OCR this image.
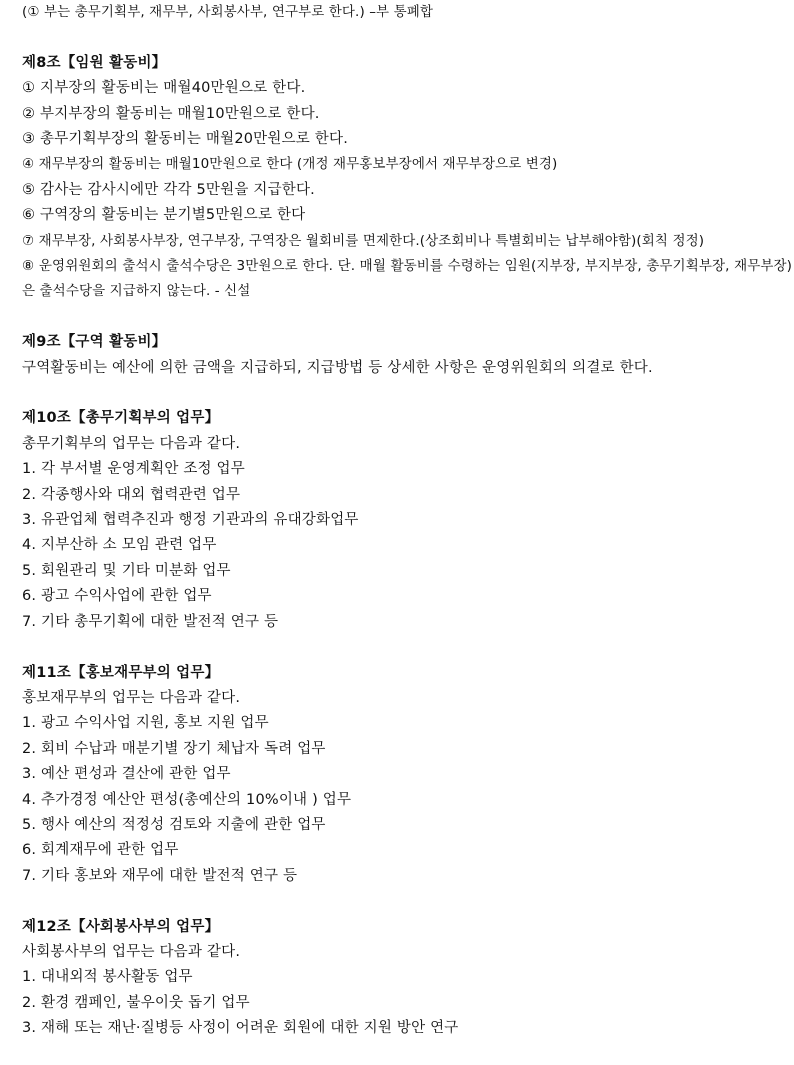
(① 부는 총무기획부, 재무부, 사회봉사부, 연구부로 한다.) –부 통폐합
제8조【임원 활동비】
① 지부장의 활동비는 매월40만원으로 한다.
② 부지부장의 활동비는 매월10만원으로 한다.
③ 총무기획부장의 활동비는 매월20만원으로 한다.
④ 재무부장의 활동비는 매월10만원으로 한다 (개정 재무홍보부장에서 재무부장으로 변경)
⑤ 감사는 감사시에만 각각 5만원을 지급한다.
⑥ 구역장의 활동비는 분기별5만원으로 한다
⑦ 재무부장, 사회봉사부장, 연구부장, 구역장은 월회비를 면제한다.(상조회비나 특별회비는 납부해야함)(회칙 정정)
⑧ 운영위원회의 출석시 출석수당은 3만원으로 한다. 단. 매월 활동비를 수령하는 임원(지부장, 부지부장, 총무기획부장, 재무부장)은 출석수당을 지급하지 않는다. - 신설
제9조【구역 활동비】
구역활동비는 예산에 의한 금액을 지급하되, 지급방법 등 상세한 사항은 운영위원회의 의결로 한다.
제10조【총무기획부의 업무】
총무기획부의 업무는 다음과 같다.
1. 각 부서별 운영계획안 조정 업무
2. 각종행사와 대외 협력관련 업무
3. 유관업체 협력추진과 행정 기관과의 유대강화업무
4. 지부산하 소 모임 관련 업무
5. 회원관리 및 기타 미분화 업무
6. 광고 수익사업에 관한 업무
7. 기타 총무기획에 대한 발전적 연구 등
제11조【홍보재무부의 업무】
홍보재무부의 업무는 다음과 같다.
1. 광고 수익사업 지원, 홍보 지원 업무
2. 회비 수납과 매분기별 장기 체납자 독려 업무
3. 예산 편성과 결산에 관한 업무
4. 추가경정 예산안 편성(총예산의 10%이내 ) 업무
5. 행사 예산의 적정성 검토와 지출에 관한 업무
6. 회계재무에 관한 업무
7. 기타 홍보와 재무에 대한 발전적 연구 등
제12조【사회봉사부의 업무】
사회봉사부의 업무는 다음과 같다.
1. 대내외적 봉사활동 업무
2. 환경 캠페인, 불우이웃 돕기 업무
3. 재해 또는 재난·질병등 사정이 어려운 회원에 대한 지원 방안 연구
